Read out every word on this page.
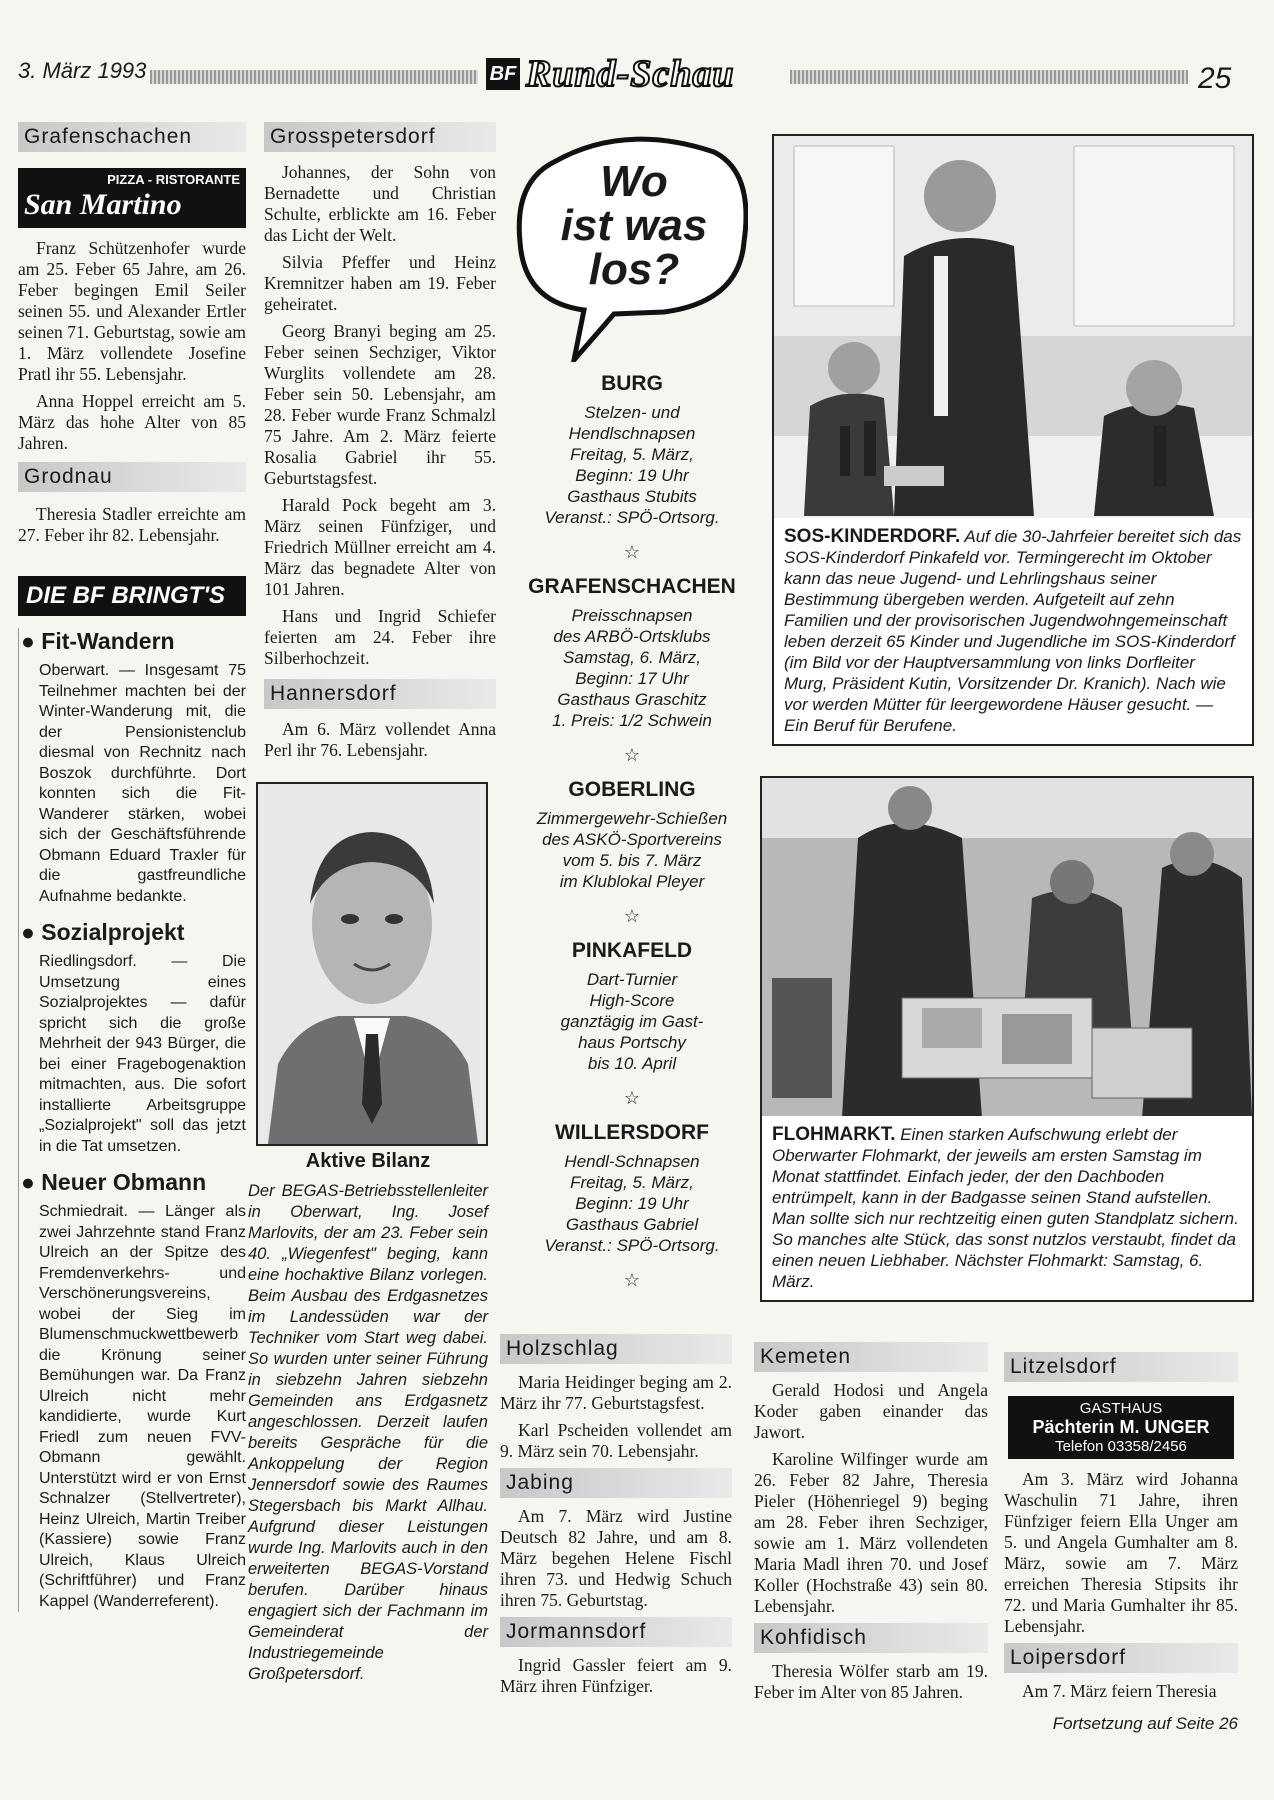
3. März 1993	BF Rund-Schau	25
Grafenschachen
PIZZA - RISTORANTE
San Martino

Franz Schützenhofer wurde am 25. Feber 65 Jahre, am 26. Feber begingen Emil Seiler seinen 55. und Alexander Ertler seinen 71. Geburtstag, sowie am 1. März vollendete Josefine Pratl ihr 55. Lebensjahr.

Anna Hoppel erreicht am 5. März das hohe Alter von 85 Jahren.

Grodnau

Theresia Stadler erreichte am 27. Feber ihr 82. Lebensjahr.

DIE BF BRINGT'S
● Fit-Wandern
Oberwart. — Insgesamt 75 Teilnehmer machten bei der Winter-Wanderung mit, die der Pensionistenclub diesmal von Rechnitz nach Boszok durchführte. Dort konnten sich die Fit-Wanderer stärken, wobei sich der Geschäftsführende Obmann Eduard Traxler für die gastfreundliche Aufnahme bedankte.
● Sozialprojekt
Riedlingsdorf. — Die Umsetzung eines Sozialprojektes — dafür spricht sich die große Mehrheit der 943 Bürger, die bei einer Fragebogenaktion mitmachten, aus. Die sofort installierte Arbeitsgruppe „Sozialprojekt" soll das jetzt in die Tat umsetzen.
● Neuer Obmann
Schmiedrait. — Länger als zwei Jahrzehnte stand Franz Ulreich an der Spitze des Fremdenverkehrs- und Verschönerungsvereins, wobei der Sieg im Blumenschmuckwettbewerb die Krönung seiner Bemühungen war. Da Franz Ulreich nicht mehr kandidierte, wurde Kurt Friedl zum neuen FVV-Obmann gewählt. Unterstützt wird er von Ernst Schnalzer (Stellvertreter), Heinz Ulreich, Martin Treiber (Kassiere) sowie Franz Ulreich, Klaus Ulreich (Schriftführer) und Franz Kappel (Wanderreferent).
Grosspetersdorf

Johannes, der Sohn von Bernadette und Christian Schulte, erblickte am 16. Feber das Licht der Welt.

Silvia Pfeffer und Heinz Kremnitzer haben am 19. Feber geheiratet.

Georg Branyi beging am 25. Feber seinen Sechziger, Viktor Wurglits vollendete am 28. Feber sein 50. Lebensjahr, am 28. Feber wurde Franz Schmalzl 75 Jahre. Am 2. März feierte Rosalia Gabriel ihr 55. Geburtstagsfest.

Harald Pock begeht am 3. März seinen Fünfziger, und Friedrich Müllner erreicht am 4. März das begnadete Alter von 101 Jahren.

Hans und Ingrid Schiefer feierten am 24. Feber ihre Silberhochzeit.

Hannersdorf

Am 6. März vollendet Anna Perl ihr 76. Lebensjahr.

Aktive Bilanz
Der BEGAS-Betriebsstellenleiter in Oberwart, Ing. Josef Marlovits, der am 23. Feber sein 40. „Wiegenfest" beging, kann eine hochaktive Bilanz vorlegen. Beim Ausbau des Erdgasnetzes im Landessüden war der Techniker vom Start weg dabei. So wurden unter seiner Führung in siebzehn Jahren siebzehn Gemeinden ans Erdgasnetz angeschlossen. Derzeit laufen bereits Gespräche für die Ankoppelung der Region Jennersdorf sowie des Raumes Stegersbach bis Markt Allhau. Aufgrund dieser Leistungen wurde Ing. Marlovits auch in den erweiterten BEGAS-Vorstand berufen. Darüber hinaus engagiert sich der Fachmann im Gemeinderat der Industriegemeinde Großpetersdorf.
Wo
ist was
los?
BURG
Stelzen- und
Hendlschnapsen
Freitag, 5. März,
Beginn: 19 Uhr
Gasthaus Stubits
Veranst.: SPÖ-Ortsorg.
☆
GRAFENSCHACHEN
Preisschnapsen
des ARBÖ-Ortsklubs
Samstag, 6. März,
Beginn: 17 Uhr
Gasthaus Graschitz
1. Preis: 1/2 Schwein
☆
GOBERLING
Zimmergewehr-Schießen
des ASKÖ-Sportvereins
vom 5. bis 7. März
im Klublokal Pleyer
☆
PINKAFELD
Dart-Turnier
High-Score
ganztägig im Gast-
haus Portschy
bis 10. April
☆
WILLERSDORF
Hendl-Schnapsen
Freitag, 5. März,
Beginn: 19 Uhr
Gasthaus Gabriel
Veranst.: SPÖ-Ortsorg.
☆
Holzschlag

Maria Heidinger beging am 2. März ihr 77. Geburtstagsfest.

Karl Pscheiden vollendet am 9. März sein 70. Lebensjahr.

Jabing

Am 7. März wird Justine Deutsch 82 Jahre, und am 8. März begehen Helene Fischl ihren 73. und Hedwig Schuch ihren 75. Geburtstag.

Jormannsdorf

Ingrid Gassler feiert am 9. März ihren Fünfziger.

SOS-KINDERDORF. Auf die 30-Jahrfeier bereitet sich das SOS-Kinderdorf Pinkafeld vor. Termingerecht im Oktober kann das neue Jugend- und Lehrlingshaus seiner Bestimmung übergeben werden. Aufgeteilt auf zehn Familien und der provisorischen Jugendwohngemeinschaft leben derzeit 65 Kinder und Jugendliche im SOS-Kinderdorf (im Bild vor der Hauptversammlung von links Dorfleiter Murg, Präsident Kutin, Vorsitzender Dr. Kranich). Nach wie vor werden Mütter für leergewordene Häuser gesucht. — Ein Beruf für Berufene.
FLOHMARKT. Einen starken Aufschwung erlebt der Oberwarter Flohmarkt, der jeweils am ersten Samstag im Monat stattfindet. Einfach jeder, der den Dachboden entrümpelt, kann in der Badgasse seinen Stand aufstellen. Man sollte sich nur rechtzeitig einen guten Standplatz sichern. So manches alte Stück, das sonst nutzlos verstaubt, findet da einen neuen Liebhaber. Nächster Flohmarkt: Samstag, 6. März.
Kemeten

Gerald Hodosi und Angela Koder gaben einander das Jawort.

Karoline Wilfinger wurde am 26. Feber 82 Jahre, Theresia Pieler (Höhenriegel 9) beging am 28. Feber ihren Sechziger, sowie am 1. März vollendeten Maria Madl ihren 70. und Josef Koller (Hochstraße 43) sein 80. Lebensjahr.

Kohfidisch

Theresia Wölfer starb am 19. Feber im Alter von 85 Jahren.

Litzelsdorf
GASTHAUS
Pächterin M. UNGER
Telefon 03358/2456

Am 3. März wird Johanna Waschulin 71 Jahre, ihren Fünfziger feiern Ella Unger am 5. und Angela Gumhalter am 8. März, sowie am 7. März erreichen Theresia Stipsits ihr 72. und Maria Gumhalter ihr 85. Lebensjahr.

Loipersdorf

Am 7. März feiern Theresia

Fortsetzung auf Seite 26
